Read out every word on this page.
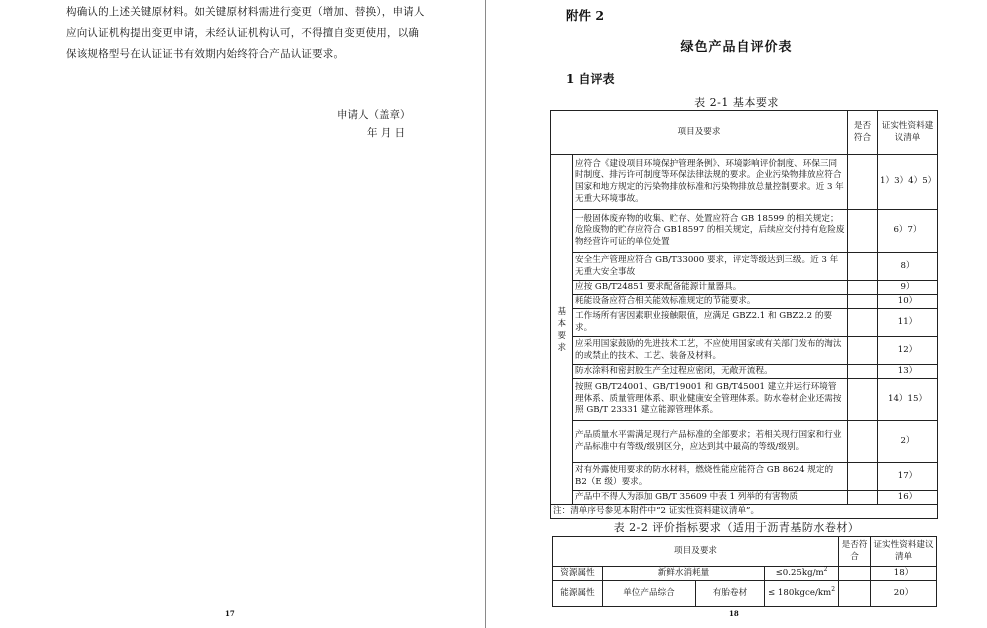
构确认的上述关键原材料。如关键原材料需进行变更（增加、替换），申请人应向认证机构提出变更申请，未经认证机构认可，不得擅自变更使用，以确保该规格型号在认证证书有效期内始终符合产品认证要求。
申请人（盖章）
年 月 日
17
附件 2
绿色产品自评价表
1 自评表
表 2-1 基本要求
项目及要求		是否符合	证实性资料建议清单

基本要求	应符合《建设项目环境保护管理条例》、环境影响评价制度、环保三同时制度、排污许可制度等环保法律法规的要求。企业污染物排放应符合国家和地方规定的污染物排放标准和污染物排放总量控制要求。近 3 年无重大环境事故。		1）3）4）5）
	一般固体废弃物的收集、贮存、处置应符合 GB 18599 的相关规定；危险废物的贮存应符合 GB18597 的相关规定，后续应交付持有危险废物经营许可证的单位处置		6）7）
	安全生产管理应符合 GB/T33000 要求，评定等级达到三级。近 3 年无重大安全事故		8）
	应按 GB/T24851 要求配备能源计量器具。		9）
	耗能设备应符合相关能效标准规定的节能要求。		10）
	工作场所有害因素职业接触限值，应满足 GBZ2.1 和 GBZ2.2 的要求。		11）
	应采用国家鼓励的先进技术工艺，不应使用国家或有关部门发布的淘汰的或禁止的技术、工艺、装备及材料。		12）
	防水涂料和密封胶生产全过程应密闭，无敞开流程。		13）
	按照 GB/T24001、GB/T19001 和 GB/T45001 建立并运行环境管理体系、质量管理体系、职业健康安全管理体系。防水卷材企业还需按照 GB/T 23331 建立能源管理体系。		14）15）
	产品质量水平需满足现行产品标准的全部要求；若相关现行国家和行业产品标准中有等级/级别区分，应达到其中最高的等级/级别。		2）
	对有外露使用要求的防水材料，燃烧性能应能符合 GB 8624 规定的 B2（E 级）要求。		17）
	产品中不得人为添加 GB/T 35609 中表 1 列举的有害物质		16）
注：清单序号参见本附件中“2 证实性资料建议清单”。			
表 2-2 评价指标要求（适用于沥青基防水卷材）
项目及要求				是否符合	证实性资料建议清单
资源属性	新鲜水消耗量		$\le 0.25kg/m^2$		18）
能源属性	单位产品综合	有胎卷材	≤ $180kgce/km^2$		20）
18
